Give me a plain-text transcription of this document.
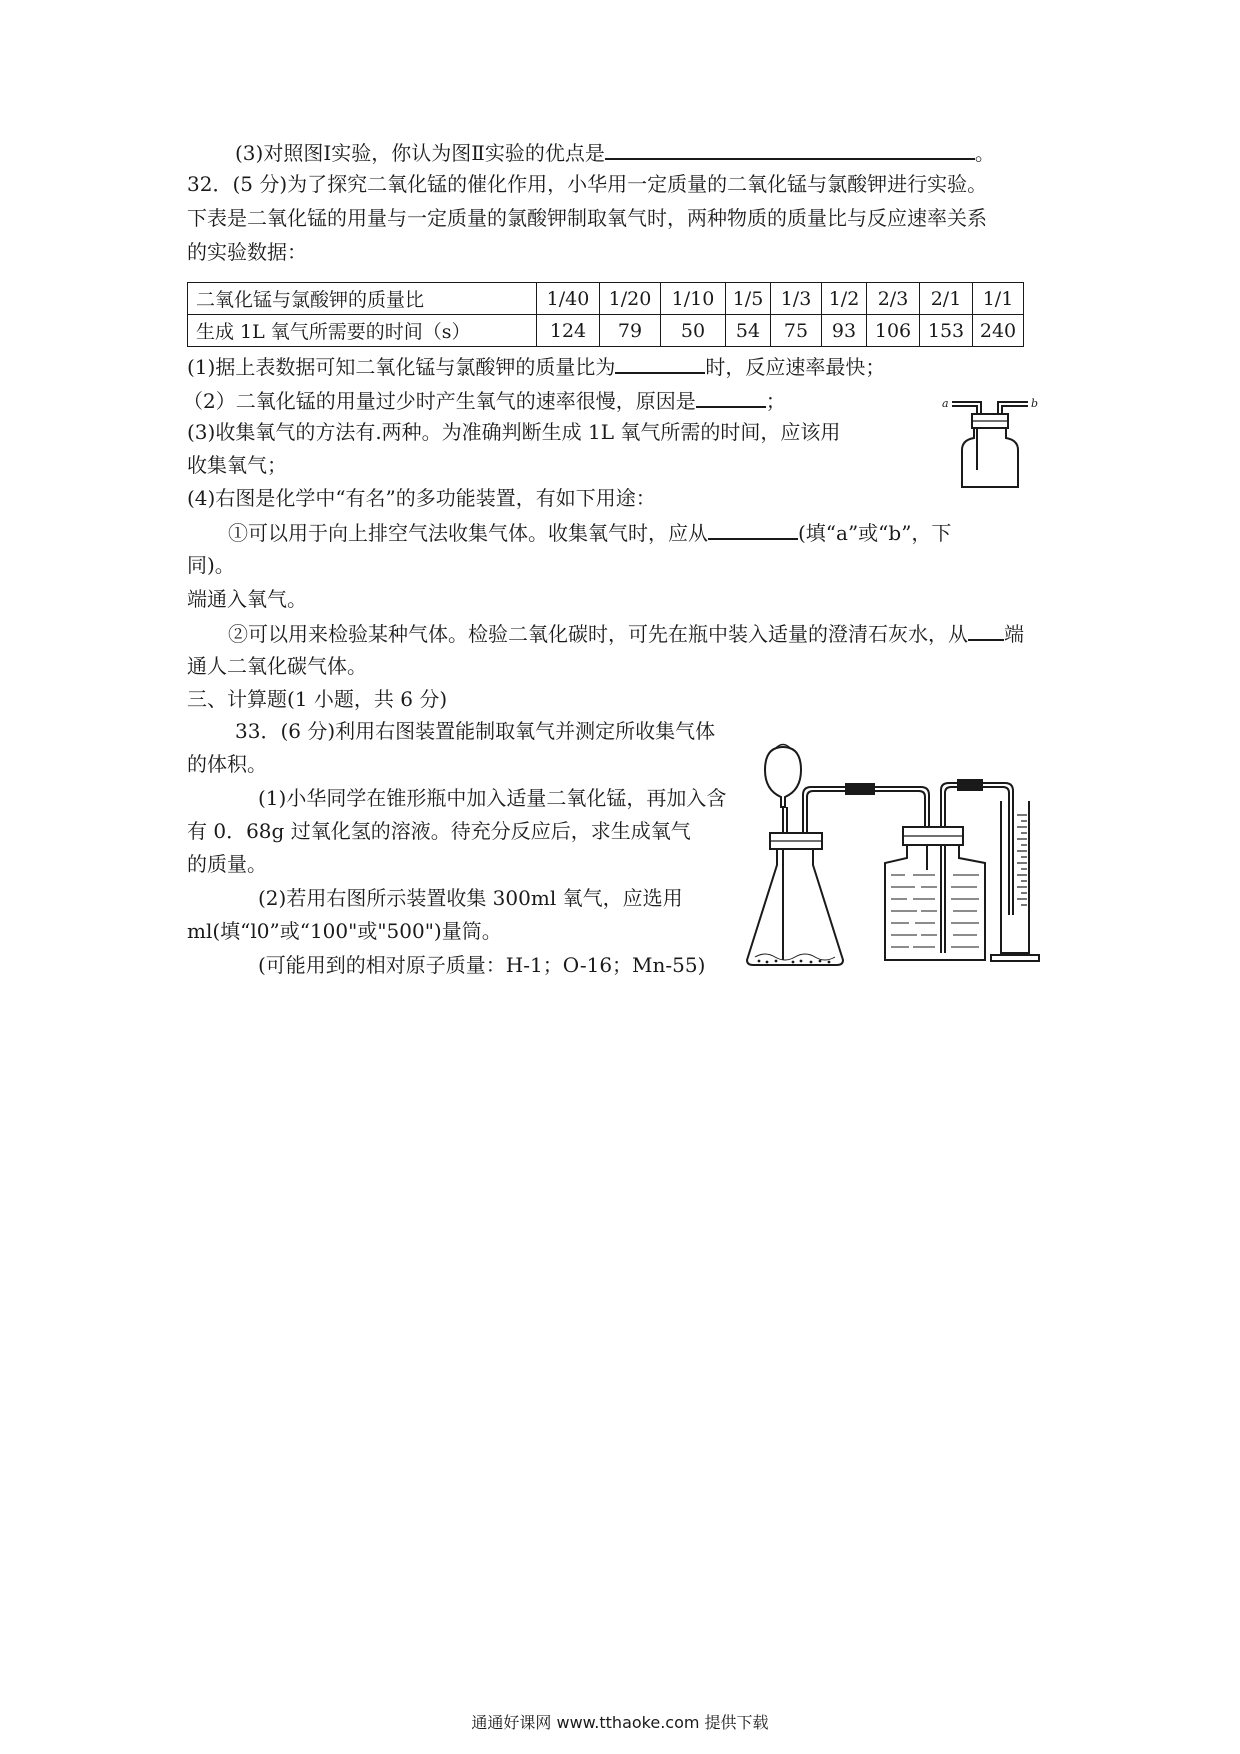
(3)对照图Ⅰ实验，你认为图Ⅱ实验的优点是	。
32．(5 分)为了探究二氧化锰的催化作用，小华用一定质量的二氧化锰与氯酸钾进行实验。
下表是二氧化锰的用量与一定质量的氯酸钾制取氧气时，两种物质的质量比与反应速率关系
的实验数据：
二氧化锰与氯酸钾的质量比	1/40	1/20	1/10	1/5	1/3	1/2	2/3	2/1	1/1
生成 1L 氧气所需要的时间（s）	124	79	50	54	75	93	106	153	240
(1)据上表数据可知二氧化锰与氯酸钾的质量比为	时，反应速率最快；
（2）二氧化锰的用量过少时产生氧气的速率很慢，原因是	；
(3)收集氧气的方法有.两种。为准确判断生成 1L 氧气所需的时间，应该用
收集氧气；
(4)右图是化学中“有名”的多功能装置，有如下用途：
①可以用于向上排空气法收集气体。收集氧气时，应从	(填“a”或“b”，下
同)。
端通入氧气。
②可以用来检验某种气体。检验二氧化碳时，可先在瓶中装入适量的澄清石灰水，从 端
通人二氧化碳气体。
三、计算题(1 小题，共 6 分)
33．(6 分)利用右图装置能制取氧气并测定所收集气体
的体积。
(1)小华同学在锥形瓶中加入适量二氧化锰，再加入含
有 0．68g 过氧化氢的溶液。待充分反应后，求生成氧气
的质量。
(2)若用右图所示装置收集 300ml 氧气，应选用
ml(填“l0”或“100"或"500")量筒。
(可能用到的相对原子质量：H-1；O-16；Mn-55)
a	b
通通好课网 www.tthaoke.com 提供下载
